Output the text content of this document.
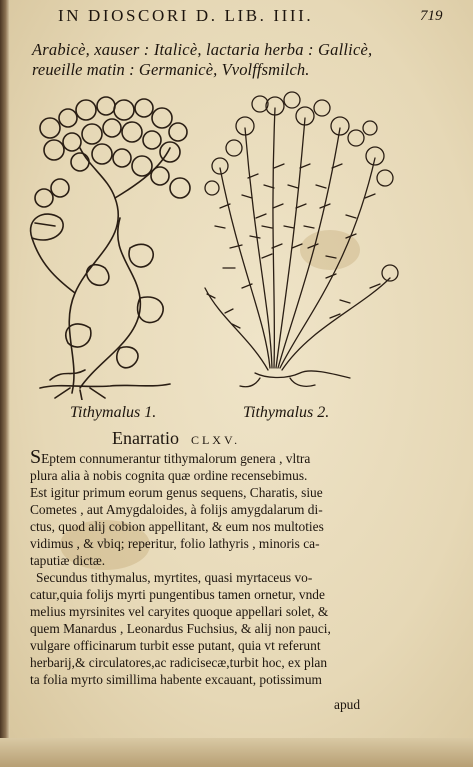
IN DIOSCORI D. LIB. IIII.	719
Arabicè, xauser : Italicè, lactaria herba : Gallicè,
reueille matin : Germanicè, Vvolffsmilch.
Tithymalus 1.	Tithymalus 2.
Enarratio CLXV.
SEptem connumerantur tithymalorum genera , vltra
plura alia à nobis cognita quæ ordine recensebimus.
Est igitur primum eorum genus sequens, Charatis, siue
Cometes , aut Amygdaloides, à folijs amygdalarum di-
ctus, quod alij cobion appellitant, & eum nos multoties
vidimus , & vbiq; reperitur, folio lathyris , minoris ca-
taputiæ dictæ.
Secundus tithymalus, myrtites, quasi myrtaceus vo-
catur,quia folijs myrti pungentibus tamen ornetur, vnde
melius myrsinites vel caryites quoque appellari solet, &
quem Manardus , Leonardus Fuchsius, & alij non pauci,
vulgare officinarum turbit esse putant, quia vt referunt
herbarij,& circulatores,ac radicisecæ,turbit hoc, ex plan
ta folia myrto simillima habente excauant, potissimum
apud
